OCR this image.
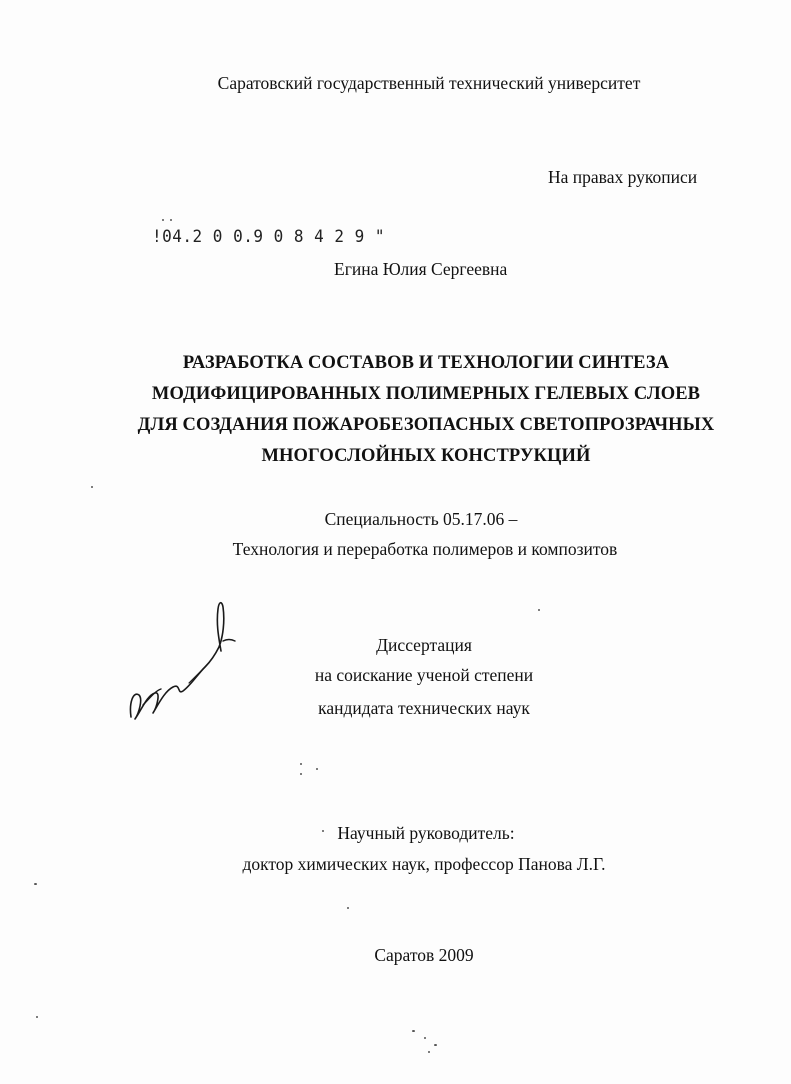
Саратовский государственный технический университет
На правах рукописи
!04.2 0 0.9 0 8 4 2 9 "
Егина Юлия Сергеевна
РАЗРАБОТКА СОСТАВОВ И ТЕХНОЛОГИИ СИНТЕЗА
МОДИФИЦИРОВАННЫХ ПОЛИМЕРНЫХ ГЕЛЕВЫХ СЛОЕВ
ДЛЯ СОЗДАНИЯ ПОЖАРОБЕЗОПАСНЫХ СВЕТОПРОЗРАЧНЫХ
МНОГОСЛОЙНЫХ КОНСТРУКЦИЙ
Специальность 05.17.06 –
Технология и переработка полимеров и композитов
Диссертация
на соискание ученой степени
кандидата технических наук
Научный руководитель:
доктор химических наук, профессор Панова Л.Г.
Саратов 2009
